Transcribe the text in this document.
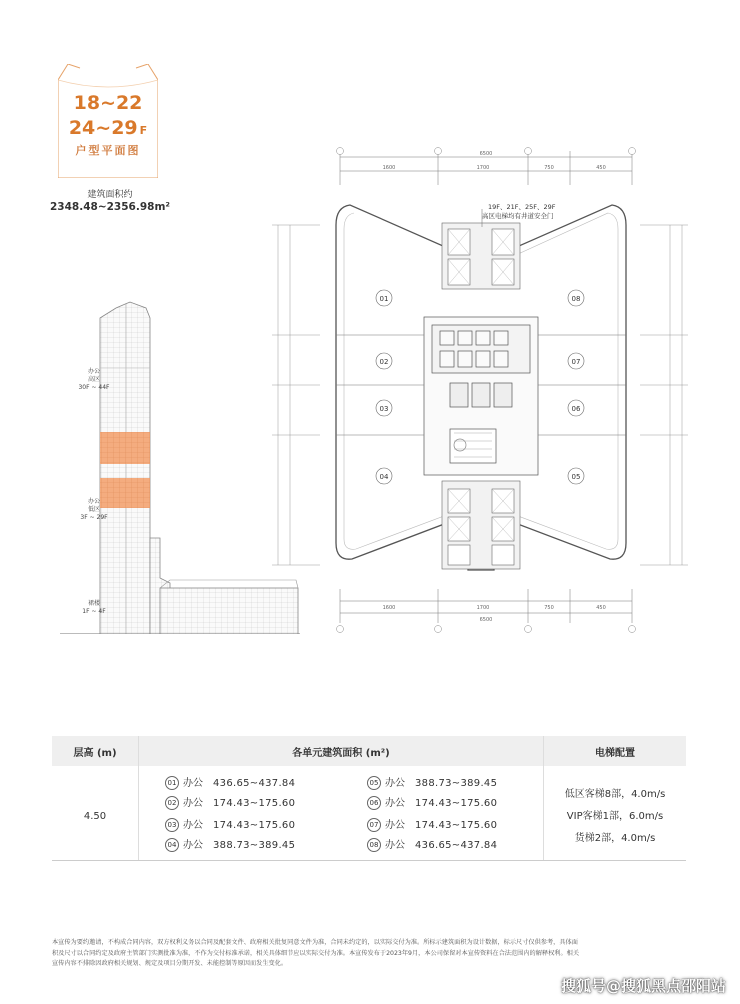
18~22
24~29 F
户型平面图
建筑面积约
2348.48~2356.98m²
办公
高区
30F ~ 44F
办公
低区
3F ~ 29F
裙楼
1F ~ 4F
6500
1600	1700	750	450
19F、21F、25F、29F
高区电梯均有井道安全门
01
02
03
04	05
06
07
08
1600	1700	750	450
6500
层高 (m)	各单元建筑面积 (m²)		电梯配置
4.50	01 办公 436.65~437.84	05 办公 388.73~389.45	低区客梯8部，4.0m/s
VIP客梯1部，6.0m/s
货梯2部，4.0m/s

	02 办公 174.43~175.60	06 办公 174.43~175.60	
	03 办公 174.43~175.60	07 办公 174.43~175.60	
	04 办公 388.73~389.45	08 办公 436.65~437.84	
本宣传为要约邀请，不构成合同内容，双方权利义务以合同及配套文件、政府相关批复同意文件为准，合同未约定的，以实际交付为准。所标示建筑面积为设计数据，标示尺寸仅供参考，具体面
积及尺寸以合同约定及政府主管部门实测批准为准，不作为交付标准承诺，相关具体细节应以实际交付为准。本宣传发布于2023年9月，本公司保留对本宣传资料在合法范围内的解释权利。相关
宣传内容不排除因政府相关规划、规定及项目分期开发、未能控制等原因而发生变化。
搜狐号@搜狐黑点邵阳站
